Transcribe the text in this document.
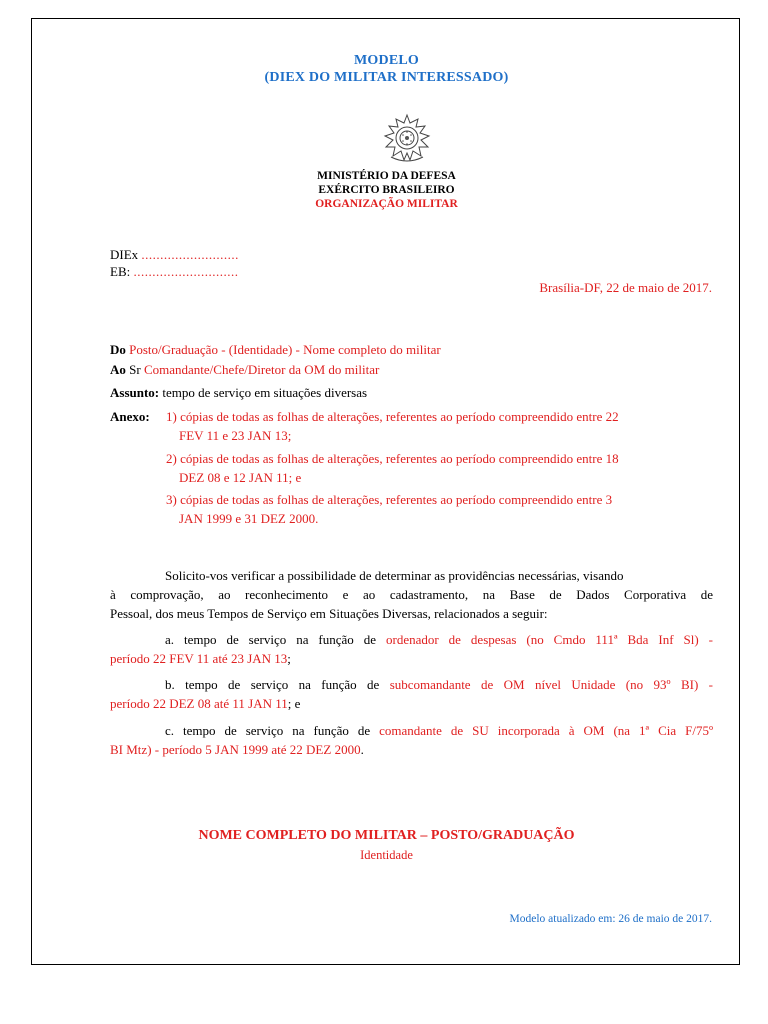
MODELO
(DIEX DO MILITAR INTERESSADO)
MINISTÉRIO DA DEFESA
EXÉRCITO BRASILEIRO
ORGANIZAÇÃO MILITAR
DIEx ..........................
EB: ............................
Brasília-DF, 22 de maio de 2017.
Do Posto/Graduação - (Identidade) - Nome completo do militar
Ao Sr Comandante/Chefe/Diretor da OM do militar
Assunto: tempo de serviço em situações diversas
Anexo: 1) cópias de todas as folhas de alterações, referentes ao período compreendido entre 22
FEV 11 e 23 JAN 13;
2) cópias de todas as folhas de alterações, referentes ao período compreendido entre 18
DEZ 08 e 12 JAN 11; e
3) cópias de todas as folhas de alterações, referentes ao período compreendido entre 3
JAN 1999 e 31 DEZ 2000.
Solicito-vos verificar a possibilidade de determinar as providências necessárias, visando
à comprovação, ao reconhecimento e ao cadastramento, na Base de Dados Corporativa de
Pessoal, dos meus Tempos de Serviço em Situações Diversas, relacionados a seguir:
a. tempo de serviço na função de ordenador de despesas (no Cmdo 111ª Bda Inf Sl) -
período 22 FEV 11 até 23 JAN 13;
b. tempo de serviço na função de subcomandante de OM nível Unidade (no 93º BI) -
período 22 DEZ 08 até 11 JAN 11; e
c. tempo de serviço na função de comandante de SU incorporada à OM (na 1ª Cia F/75º
BI Mtz) - período 5 JAN 1999 até 22 DEZ 2000.
NOME COMPLETO DO MILITAR – POSTO/GRADUAÇÃO
Identidade
Modelo atualizado em: 26 de maio de 2017.
